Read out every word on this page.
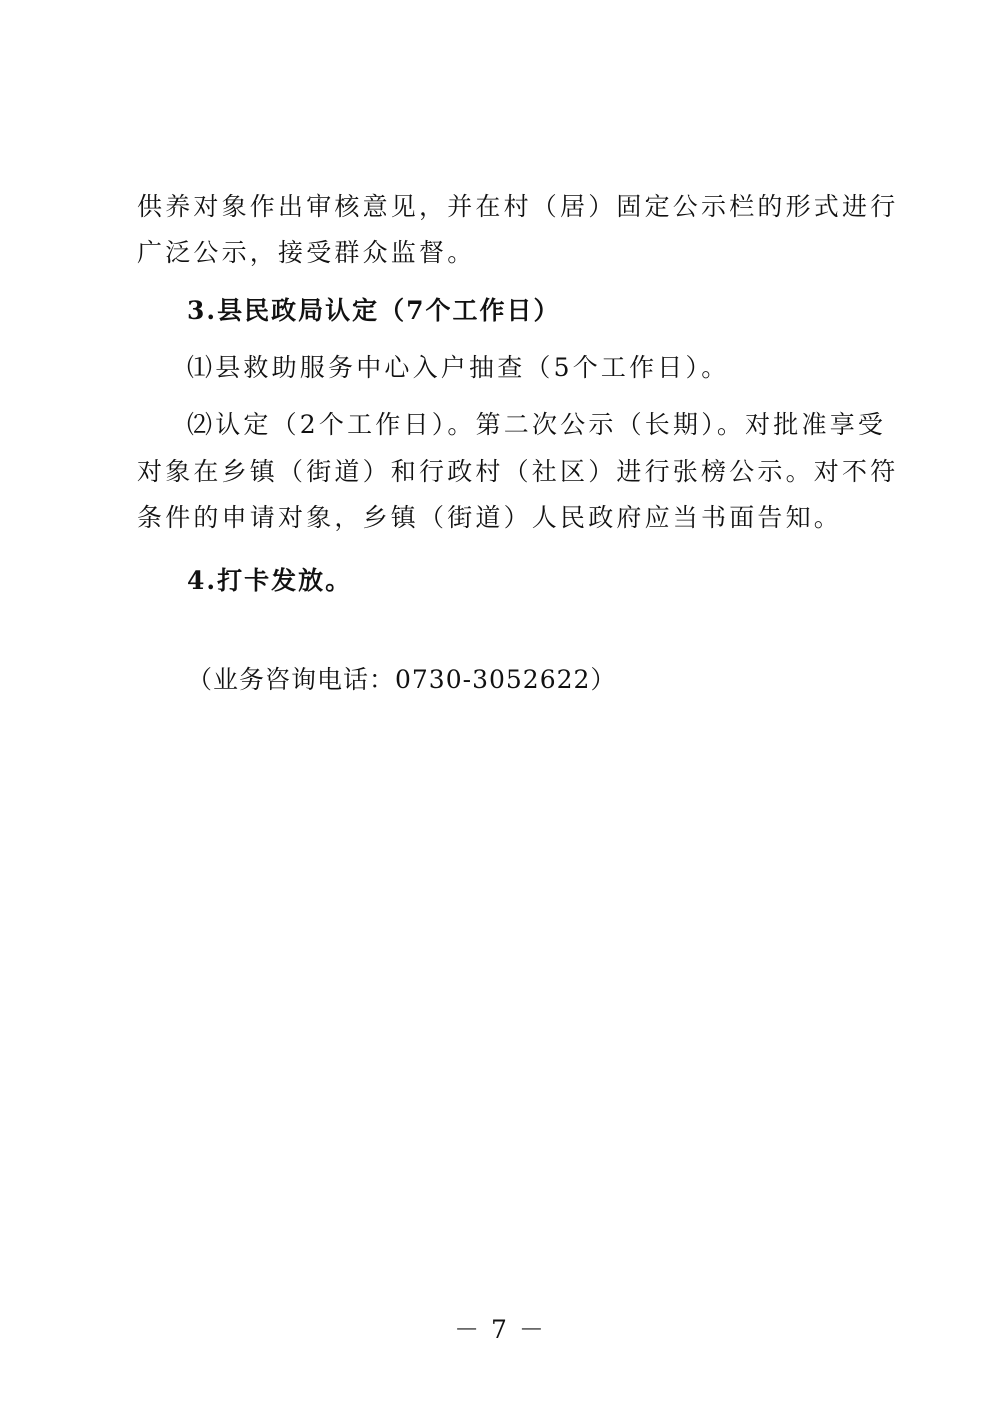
供养对象作出审核意见，并在村（居）固定公示栏的形式进行
广泛公示，接受群众监督。
3.县民政局认定（7个工作日）
⑴县救助服务中心入户抽查（5个工作日）。
⑵认定（2个工作日）。第二次公示（长期）。对批准享受
对象在乡镇（街道）和行政村（社区）进行张榜公示。对不符
条件的申请对象，乡镇（街道）人民政府应当书面告知。
4.打卡发放。
（业务咨询电话：0730-3052622）
－ 7 －
